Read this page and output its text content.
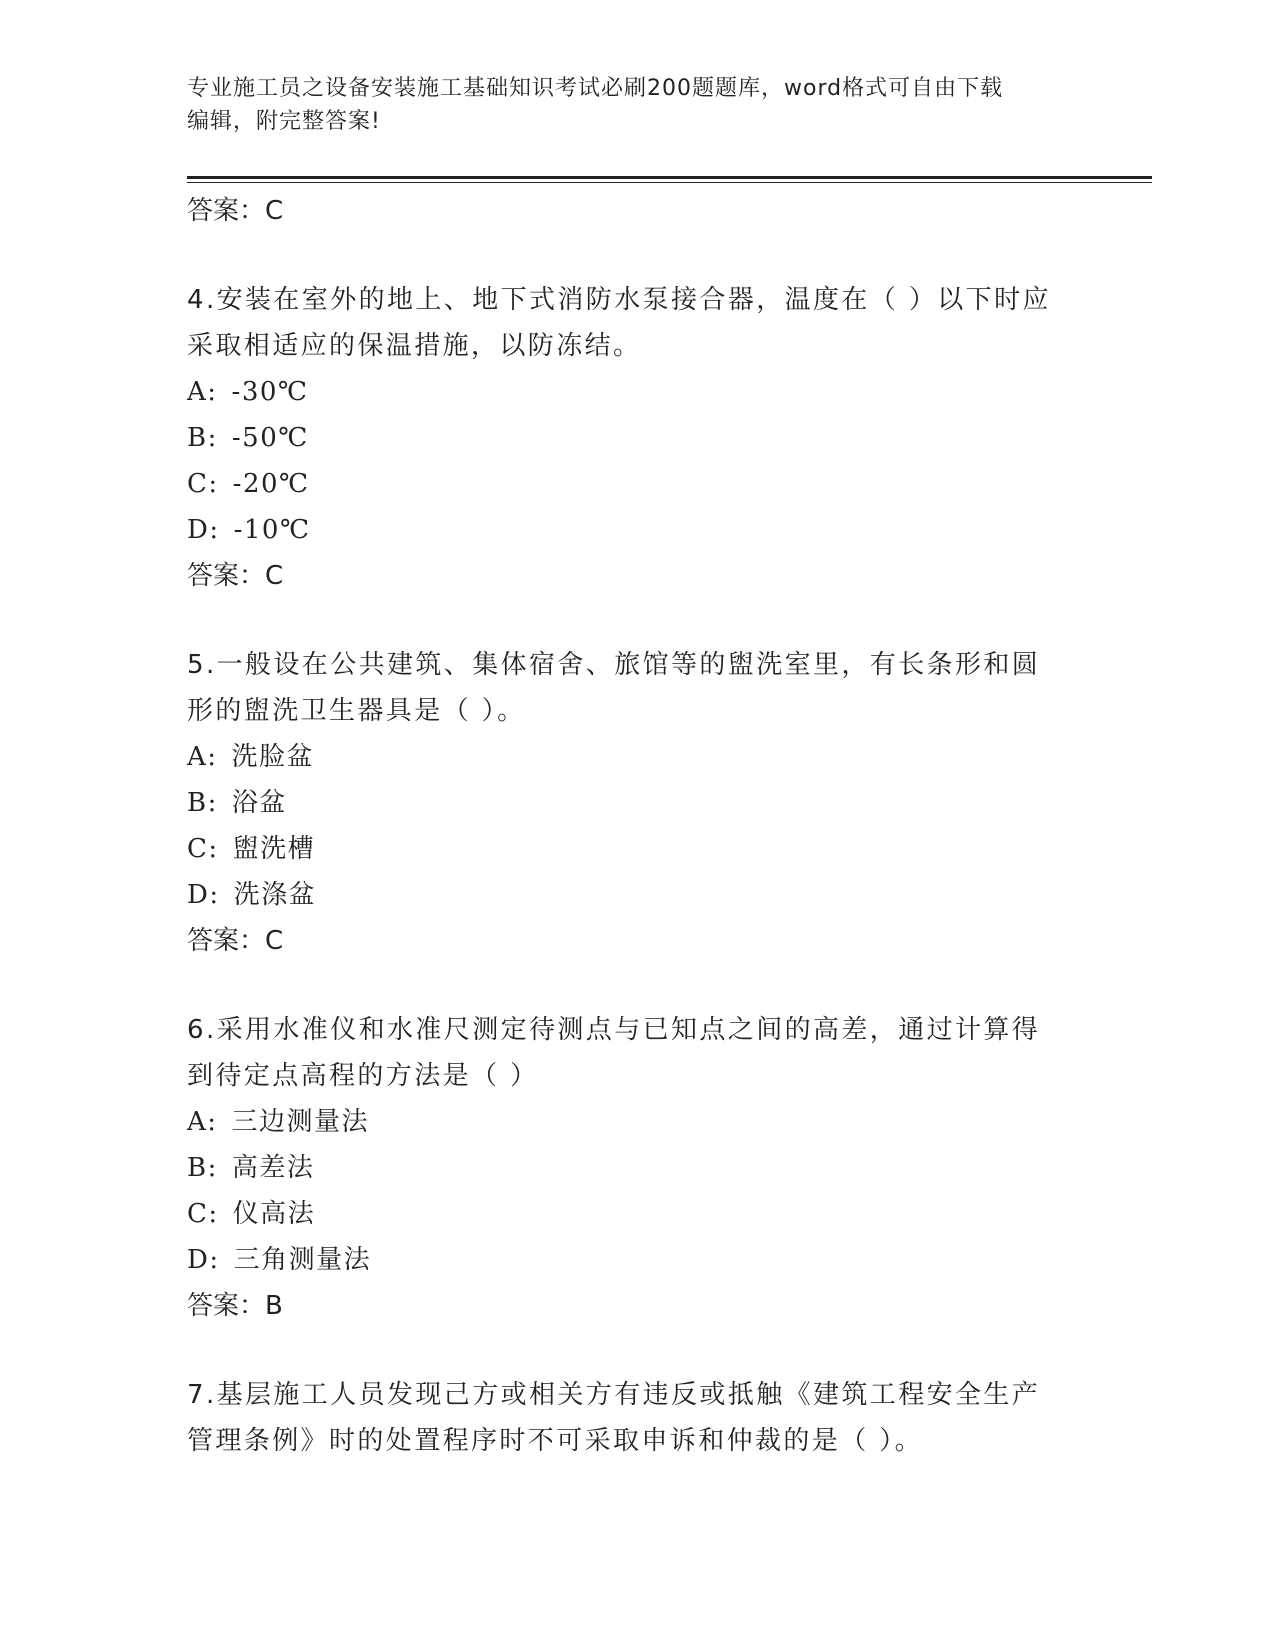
专业施工员之设备安装施工基础知识考试必刷200题题库，word格式可自由下载
编辑，附完整答案!
答案：C
4.安装在室外的地上、地下式消防水泵接合器，温度在（ ）以下时应
采取相适应的保温措施，以防冻结。
A: -30℃
B: -50℃
C: -20℃
D: -10℃
答案：C
5.一般设在公共建筑、集体宿舍、旅馆等的盥洗室里，有长条形和圆
形的盥洗卫生器具是（ ）。
A: 洗脸盆
B: 浴盆
C: 盥洗槽
D: 洗涤盆
答案：C
6.采用水准仪和水准尺测定待测点与已知点之间的高差，通过计算得
到待定点高程的方法是（ ）
A: 三边测量法
B: 高差法
C: 仪高法
D: 三角测量法
答案：B
7.基层施工人员发现己方或相关方有违反或抵触《建筑工程安全生产
管理条例》时的处置程序时不可采取申诉和仲裁的是（ ）。
